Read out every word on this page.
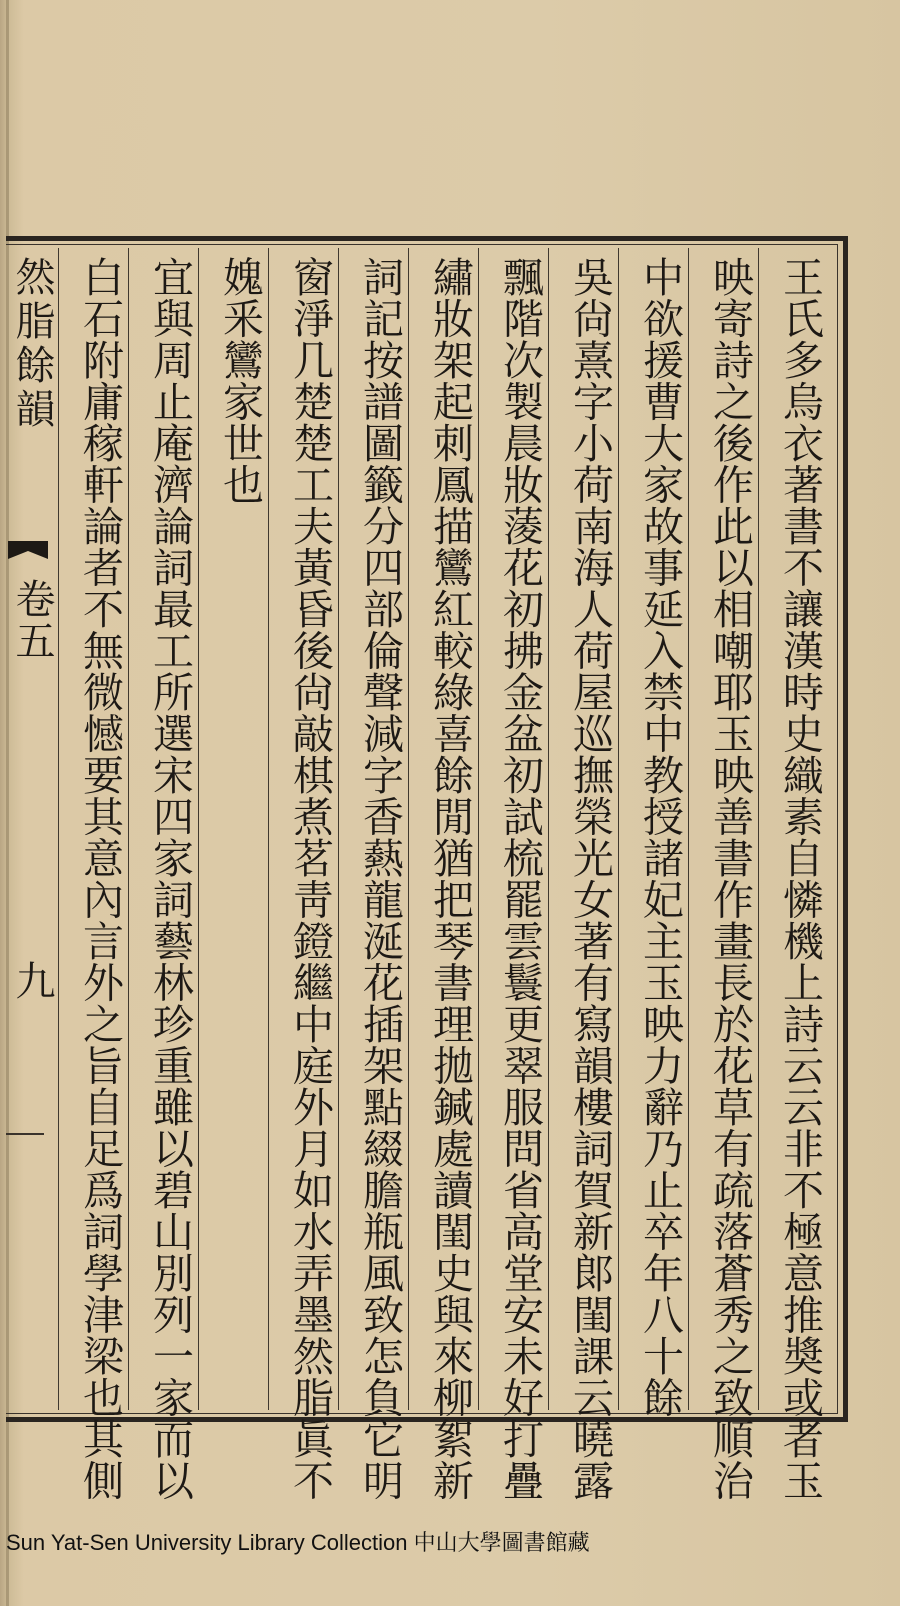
然脂餘韻
卷五
九	王氏多烏衣著書不讓漢時史織素自憐機上詩云云非不極意推奬或者玉
映寄詩之後作此以相嘲耶玉映善書作畫長於花草有疏落蒼秀之致順治
中欲援曹大家故事延入禁中教授諸妃主玉映力辭乃止卒年八十餘
吳尙熹字小荷南海人荷屋巡撫榮光女著有寫韻樓詞賀新郞閨課云曉露
飄階次製晨妝蔆花初拂金盆初試梳罷雲鬟更翠服問省高堂安未好打疊
繡妝架起刺鳳描鸞紅較綠喜餘閒猶把琴書理拋鍼處讀閨史與來柳絮新
詞記按譜圖籤分四部倫聲減字香爇龍涎花插架點綴膽瓶風致怎負它明
窗淨几楚楚工夫黃昏後尙敲棋煮茗靑鐙繼中庭外月如水弄墨然脂眞不
媿釆鸞家世也
宜與周止庵濟論詞最工所選宋四家詞藝林珍重雖以碧山別列一家而以
白石附庸稼軒論者不無微憾要其意內言外之旨自足爲詞學津梁也其側
Sun Yat-Sen University Library Collection 中山大學圖書館藏
